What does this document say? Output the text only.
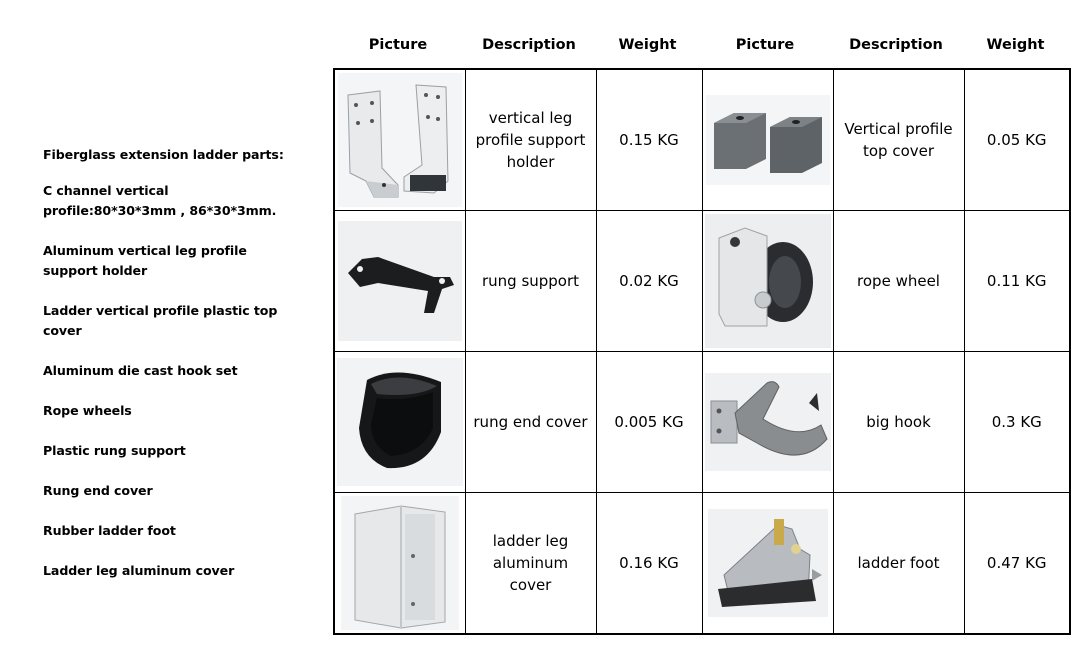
Fiberglass extension ladder parts:
C channel vertical profile:80*30*3mm , 86*30*3mm.
Aluminum vertical leg profile support holder
Ladder vertical profile plastic top cover
Aluminum die cast hook set
Rope wheels
Plastic rung support
Rung end cover
Rubber ladder foot
Ladder leg aluminum cover
Picture	Description	Weight	Picture	Description	Weight
	vertical leg profile support holder	0.15 KG		Vertical profile top cover	0.05 KG

	rung support	0.02 KG		rope wheel	0.11 KG

	rung end cover	0.005 KG		big hook	0.3 KG

	ladder leg aluminum cover	0.16 KG		ladder foot	0.47 KG
